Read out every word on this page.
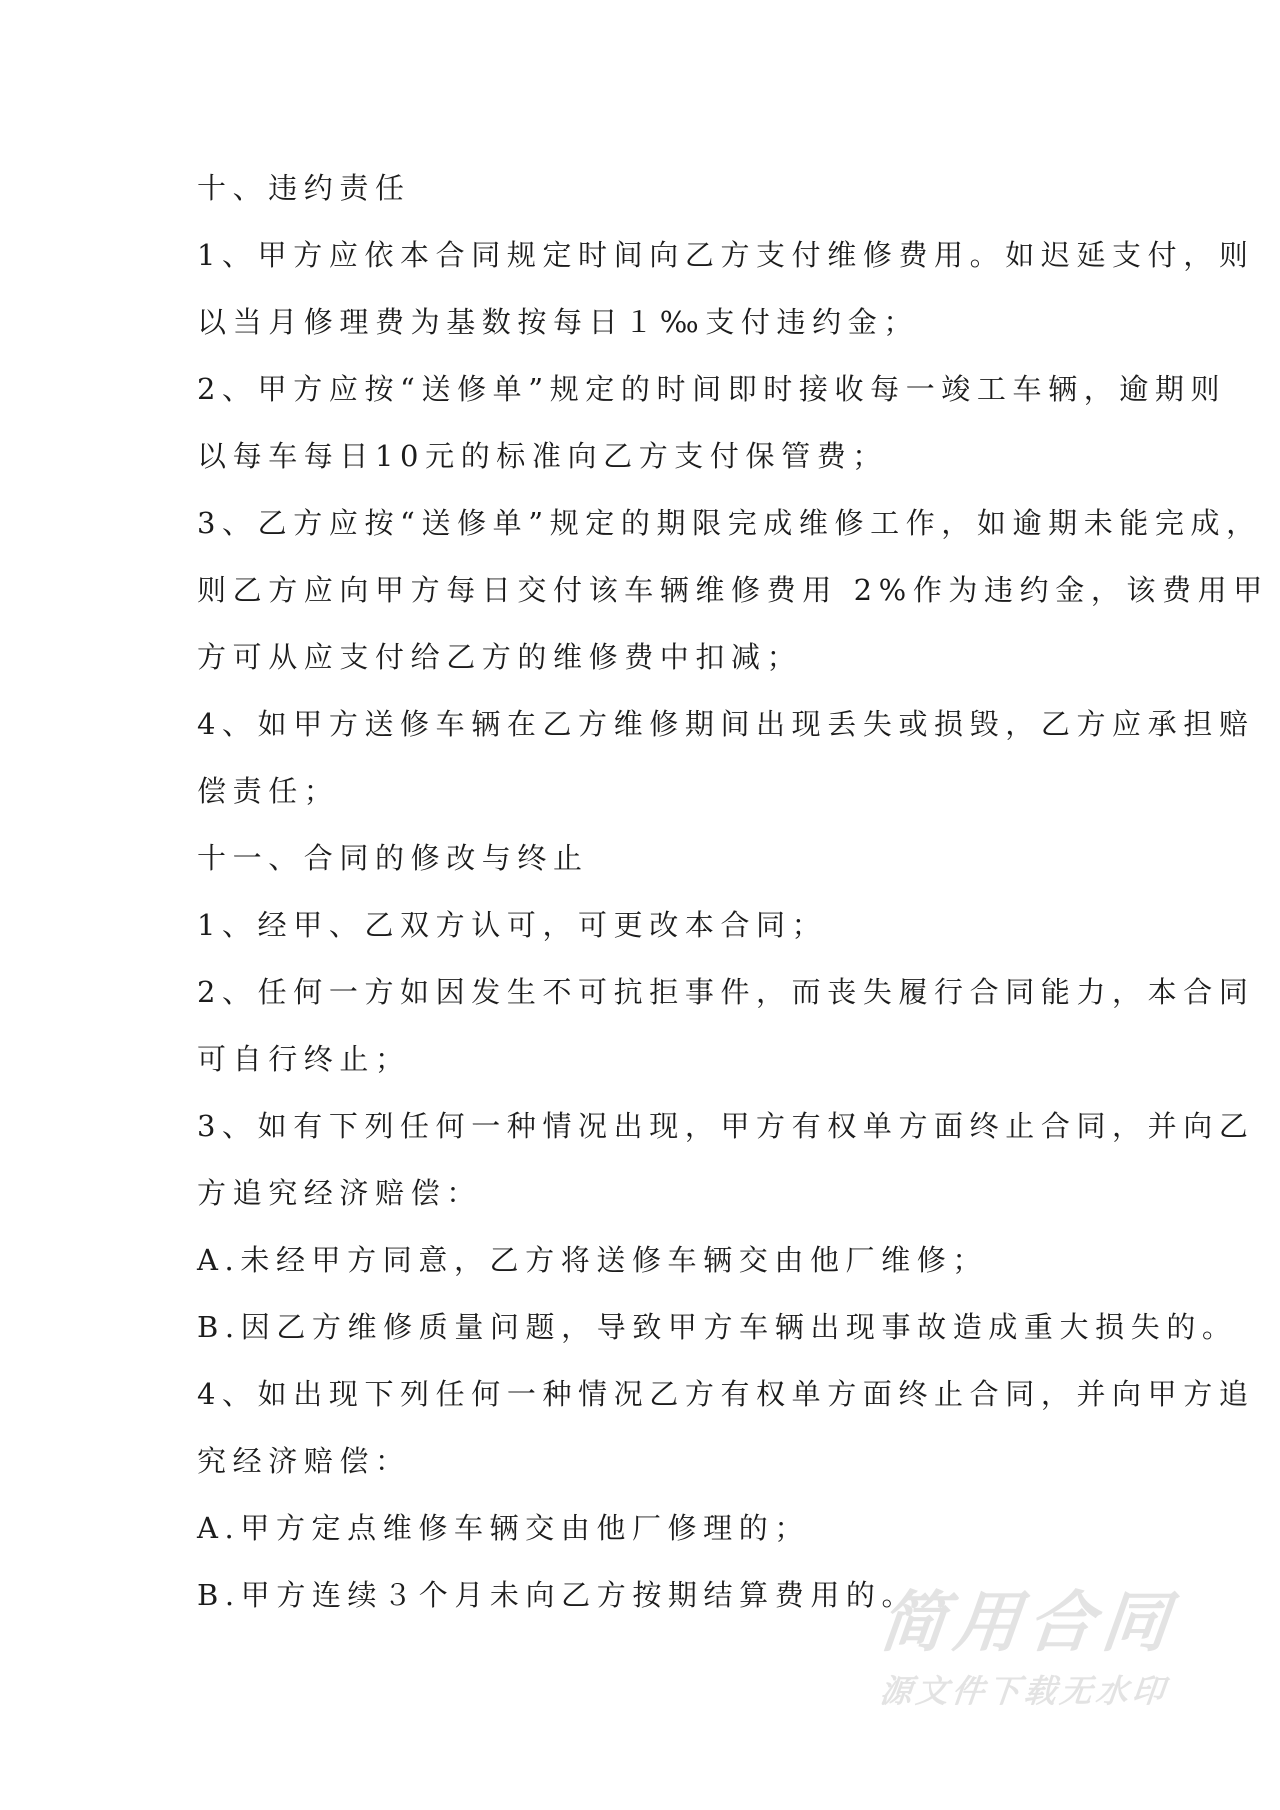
十、违约责任
1、甲方应依本合同规定时间向乙方支付维修费用。如迟延支付，则
以当月修理费为基数按每日１‰支付违约金；
2、甲方应按“送修单”规定的时间即时接收每一竣工车辆，逾期则
以每车每日10元的标准向乙方支付保管费；
3、乙方应按“送修单”规定的期限完成维修工作，如逾期未能完成，
则乙方应向甲方每日交付该车辆维修费用 2%作为违约金，该费用甲
方可从应支付给乙方的维修费中扣减；
4、如甲方送修车辆在乙方维修期间出现丢失或损毁，乙方应承担赔
偿责任；
十一、合同的修改与终止
1、经甲、乙双方认可，可更改本合同；
2、任何一方如因发生不可抗拒事件，而丧失履行合同能力，本合同
可自行终止；
3、如有下列任何一种情况出现，甲方有权单方面终止合同，并向乙
方追究经济赔偿：
A.未经甲方同意，乙方将送修车辆交由他厂维修；
B.因乙方维修质量问题，导致甲方车辆出现事故造成重大损失的。
4、如出现下列任何一种情况乙方有权单方面终止合同，并向甲方追
究经济赔偿：
A.甲方定点维修车辆交由他厂修理的；
B.甲方连续３个月未向乙方按期结算费用的。
简用合同
源文件下载无水印
